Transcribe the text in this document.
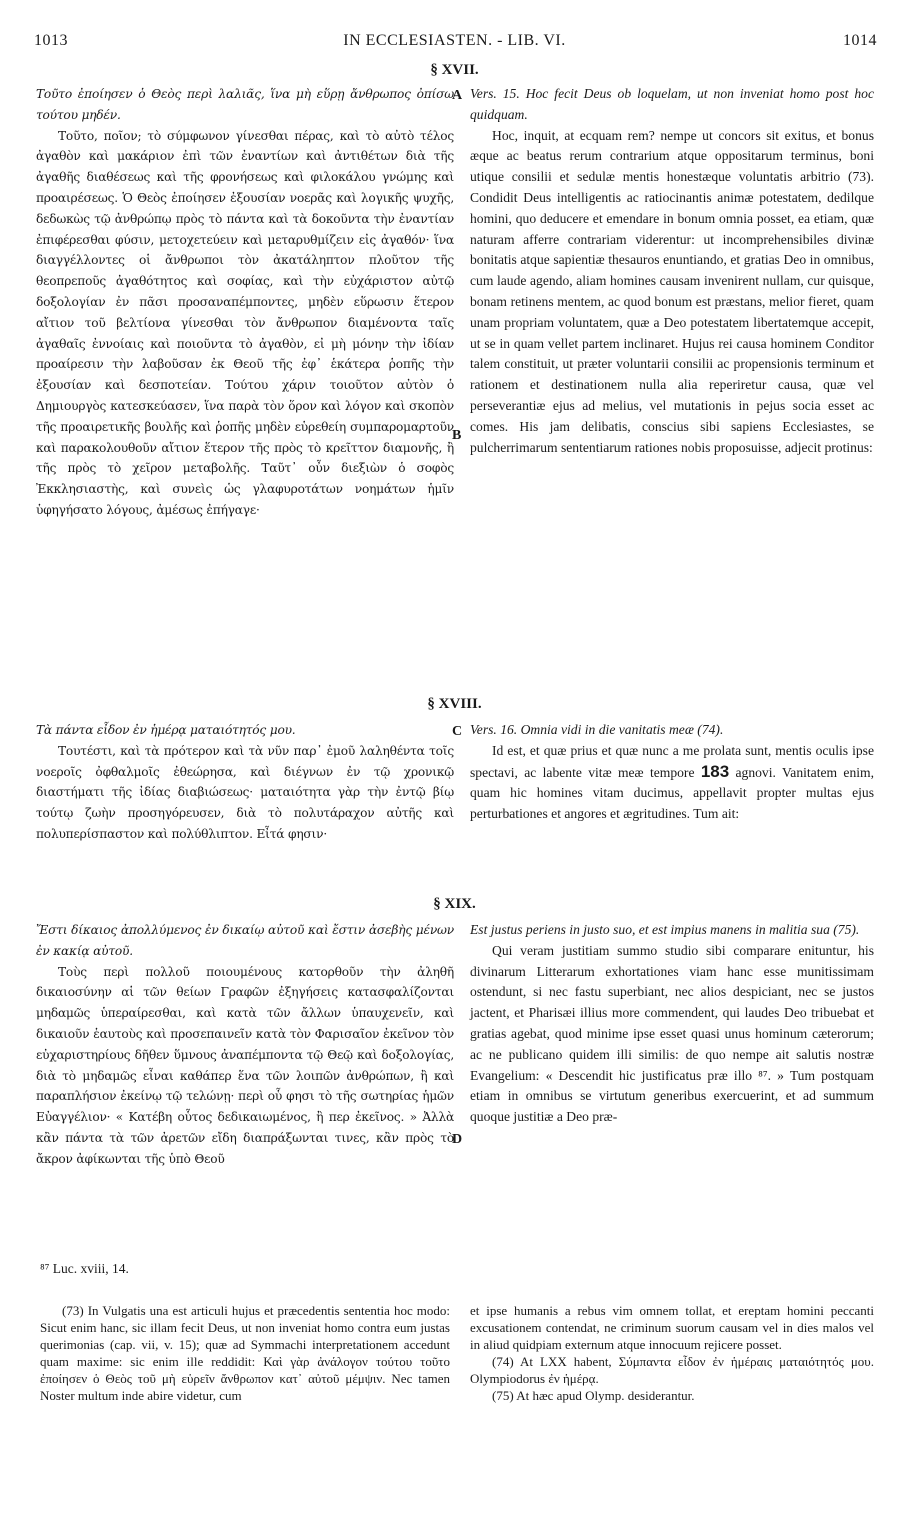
1013	IN ECCLESIASTEN. - LIB. VI.	1014
§ XVII.

Τοῦτο ἐποίησεν ὁ Θεὸς περὶ λαλιᾶς, ἵνα μὴ εὕρῃ ἄνθρωπος ὀπίσω τούτου μηδέν.

Τοῦτο, ποῖον; τὸ σύμφωνον γίνεσθαι πέρας, καὶ τὸ αὐτὸ τέλος ἀγαθὸν καὶ μακάριον ἐπὶ τῶν ἐναντίων καὶ ἀντιθέτων διὰ τῆς ἀγαθῆς διαθέσεως καὶ τῆς φρονήσεως καὶ φιλοκάλου γνώμης καὶ προαιρέσεως. Ὁ Θεὸς ἐποίησεν ἐξουσίαν νοερᾶς καὶ λογικῆς ψυχῆς, δεδωκὼς τῷ ἀνθρώπῳ πρὸς τὸ πάντα καὶ τὰ δοκοῦντα τὴν ἐναντίαν ἐπιφέρεσθαι φύσιν, μετοχετεύειν καὶ μεταρυθμίζειν εἰς ἀγαθόν· ἵνα διαγγέλλοντες οἱ ἄνθρωποι τὸν ἀκατάληπτον πλοῦτον τῆς θεοπρεποῦς ἀγαθότητος καὶ σοφίας, καὶ τὴν εὐχάριστον αὐτῷ δοξολογίαν ἐν πᾶσι προσαναπέμποντες, μηδὲν εὕρωσιν ἕτερον αἴτιον τοῦ βελτίονα γίνεσθαι τὸν ἄνθρωπον διαμένοντα ταῖς ἀγαθαῖς ἐννοίαις καὶ ποιοῦντα τὸ ἀγαθὸν, εἰ μὴ μόνην τὴν ἰδίαν προαίρεσιν τὴν λαβοῦσαν ἐκ Θεοῦ τῆς ἐφ᾽ ἑκάτερα ῥοπῆς τὴν ἐξουσίαν καὶ δεσποτείαν. Τούτου χάριν τοιοῦτον αὐτὸν ὁ Δημιουργὸς κατεσκεύασεν, ἵνα παρὰ τὸν ὅρον καὶ λόγον καὶ σκοπὸν τῆς προαιρετικῆς βουλῆς καὶ ῥοπῆς μηδὲν εὑρεθείη συμπαρομαρτοῦν καὶ παρακολουθοῦν αἴτιον ἕτερον τῆς πρὸς τὸ κρεῖττον διαμονῆς, ἢ τῆς πρὸς τὸ χεῖρον μεταβολῆς. Ταῦτ᾽ οὖν διεξιὼν ὁ σοφὸς Ἐκκλησιαστὴς, καὶ συνεὶς ὡς γλαφυροτάτων νοημάτων ἡμῖν ὑφηγήσατο λόγους, ἀμέσως ἐπήγαγε·

Vers. 15. Hoc fecit Deus ob loquelam, ut non inveniat homo post hoc quidquam.

Hoc, inquit, at ecquam rem? nempe ut concors sit exitus, et bonus æque ac beatus rerum contrarium atque oppositarum terminus, boni utique consilii et sedulæ mentis honestæque voluntatis arbitrio (73). Condidit Deus intelligentis ac ratiocinantis animæ potestatem, dedilque homini, quo deducere et emendare in bonum omnia posset, ea etiam, quæ naturam afferre contrariam viderentur: ut incomprehensibiles divinæ bonitatis atque sapientiæ thesauros enuntiando, et gratias Deo in omnibus, cum laude agendo, aliam homines causam invenirent nullam, cur quisque, bonam retinens mentem, ac quod bonum est præstans, melior fieret, quam unam propriam voluntatem, quæ a Deo potestatem libertatemque accepit, ut se in quam vellet partem inclinaret. Hujus rei causa hominem Conditor talem constituit, ut præter voluntarii consilii ac propensionis terminum et rationem et destinationem nulla alia reperiretur causa, quæ vel perseverantiæ ejus ad melius, vel mutationis in pejus socia esset ac comes. His jam delibatis, conscius sibi sapiens Ecclesiastes, se pulcherrimarum sententiarum rationes nobis proposuisse, adjecit protinus:

A
B
§ XVIII.

Τὰ πάντα εἶδον ἐν ἡμέρᾳ ματαιότητός μου.

Τουτέστι, καὶ τὰ πρότερον καὶ τὰ νῦν παρ᾽ ἐμοῦ λαληθέντα τοῖς νοεροῖς ὀφθαλμοῖς ἐθεώρησα, καὶ διέγνων ἐν τῷ χρονικῷ διαστήματι τῆς ἰδίας διαβιώσεως· ματαιότητα γὰρ τὴν ἐντῷ βίῳ τούτῳ ζωὴν προσηγόρευσεν, διὰ τὸ πολυτάραχον αὐτῆς καὶ πολυπερίσπαστον καὶ πολύθλιπτον. Εἶτά φησιν·

Vers. 16. Omnia vidi in die vanitatis meæ (74).

Id est, et quæ prius et quæ nunc a me prolata sunt, mentis oculis ipse spectavi, ac labente vitæ meæ tempore 183 agnovi. Vanitatem enim, quam hic homines vitam ducimus, appellavit propter multas ejus perturbationes et angores et ægritudines. Tum ait:

C
§ XIX.

Ἔστι δίκαιος ἀπολλύμενος ἐν δικαίῳ αὐτοῦ καὶ ἔστιν ἀσεβὴς μένων ἐν κακίᾳ αὐτοῦ.

Τοὺς περὶ πολλοῦ ποιουμένους κατορθοῦν τὴν ἀληθῆ δικαιοσύνην αἱ τῶν θείων Γραφῶν ἐξηγήσεις κατασφαλίζονται μηδαμῶς ὑπεραίρεσθαι, καὶ κατὰ τῶν ἄλλων ὑπαυχενεῖν, καὶ δικαιοῦν ἑαυτοὺς καὶ προσεπαινεῖν κατὰ τὸν Φαρισαῖον ἐκεῖνον τὸν εὐχαριστηρίους δῆθεν ὕμνους ἀναπέμποντα τῷ Θεῷ καὶ δοξολογίας, διὰ τὸ μηδαμῶς εἶναι καθάπερ ἕνα τῶν λοιπῶν ἀνθρώπων, ἢ καὶ παραπλήσιον ἐκείνῳ τῷ τελώνῃ· περὶ οὗ φησι τὸ τῆς σωτηρίας ἡμῶν Εὐαγγέλιον· « Κατέβη οὗτος δεδικαιωμένος, ἢ περ ἐκεῖνος. » Ἀλλὰ κἂν πάντα τὰ τῶν ἀρετῶν εἴδη διαπράξωνται τινες, κἂν πρὸς τὸ ἄκρον ἀφίκωνται τῆς ὑπὸ Θεοῦ

Est justus periens in justo suo, et est impius manens in malitia sua (75).

Qui veram justitiam summo studio sibi comparare enituntur, his divinarum Litterarum exhortationes viam hanc esse munitissimam ostendunt, si nec fastu superbiant, nec alios despiciant, nec se justos jactent, et Pharisæi illius more commendent, qui laudes Deo tribuebat et gratias agebat, quod minime ipse esset quasi unus hominum cæterorum; ac ne publicano quidem illi similis: de quo nempe ait salutis nostræ Evangelium: « Descendit hic justificatus præ illo ⁸⁷. » Tum postquam etiam in omnibus se virtutum generibus exercuerint, et ad summum quoque justitiæ a Deo præ-

D
⁸⁷ Luc. xviii, 14.

(73) In Vulgatis una est articuli hujus et præcedentis sententia hoc modo: Sicut enim hanc, sic illam fecit Deus, ut non inveniat homo contra eum justas querimonias (cap. vii, v. 15); quæ ad Symmachi interpretationem accedunt quam maxime: sic enim ille reddidit: Καὶ γὰρ ἀνάλογον τούτου τοῦτο ἐποίησεν ὁ Θεὸς τοῦ μὴ εὑρεῖν ἄνθρωπον κατ᾽ αὐτοῦ μέμψιν. Nec tamen Noster multum inde abire videtur, cum

et ipse humanis a rebus vim omnem tollat, et ereptam homini peccanti excusationem contendat, ne criminum suorum causam vel in dies malos vel in aliud quidpiam externum atque innocuum rejicere posset.

(74) At LXX habent, Σύμπαντα εἶδον ἐν ἡμέραις ματαιότητός μου. Olympiodorus ἐν ἡμέρᾳ.

(75) At hæc apud Olymp. desiderantur.
